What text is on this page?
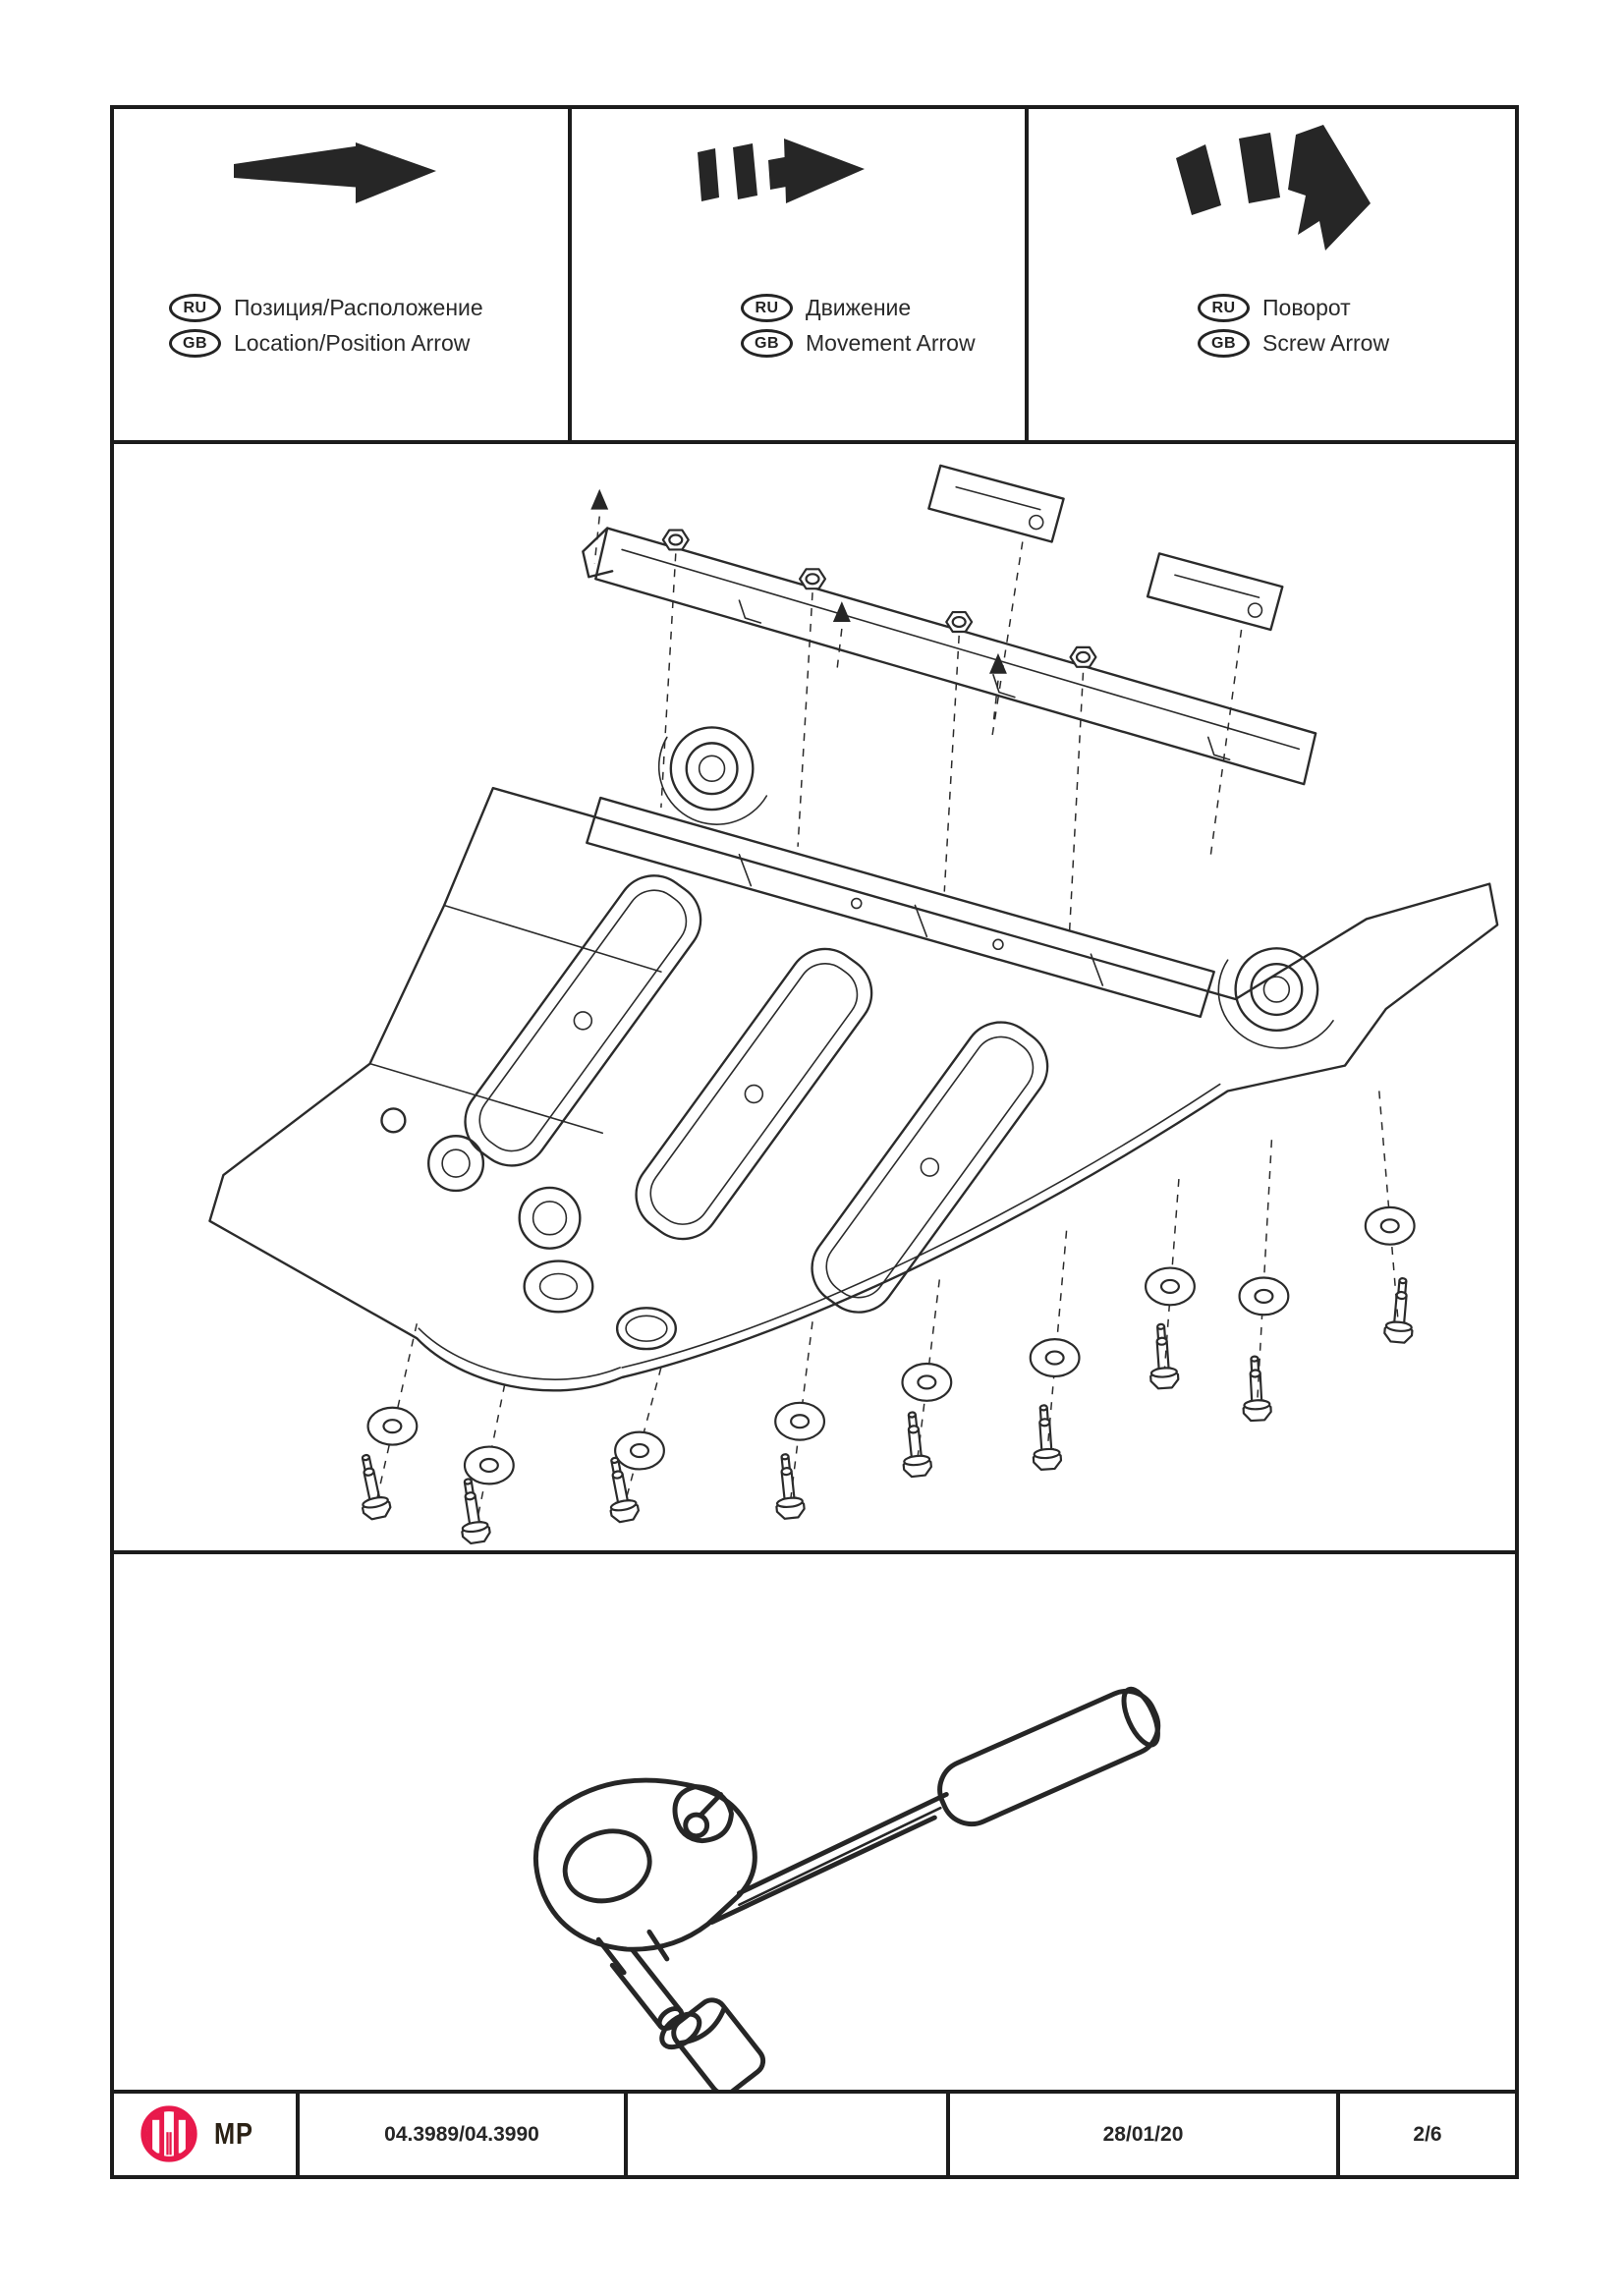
RU	Позиция/Расположение
GB	Location/Position Arrow
RU	Движение
GB	Movement Arrow
RU	Поворот
GB	Screw Arrow
MP	04.3989/04.3990	28/01/20	2/6
